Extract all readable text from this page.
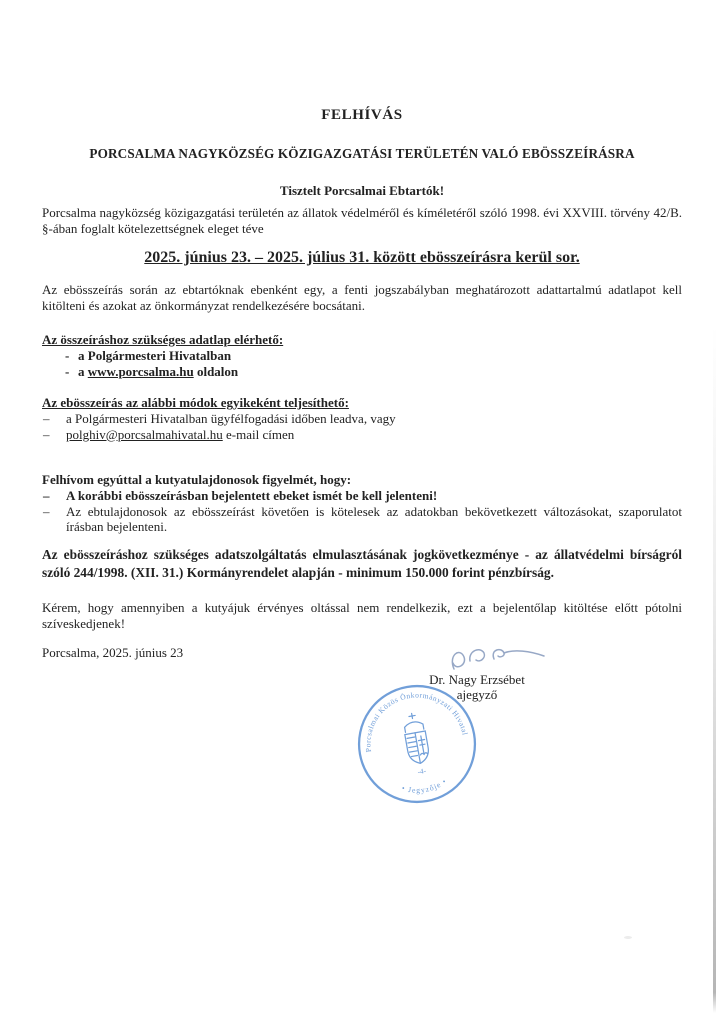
FELHÍVÁS
PORCSALMA NAGYKÖZSÉG KÖZIGAZGATÁSI TERÜLETÉN VALÓ EBÖSSZEÍRÁSRA
Tisztelt Porcsalmai Ebtartók!

Porcsalma nagyközség közigazgatási területén az állatok védelméről és kíméletéről szóló 1998. évi XXVIII. törvény 42/B. §-ában foglalt kötelezettségnek eleget téve

2025. június 23. – 2025. július 31. között ebösszeírásra kerül sor.

Az ebösszeírás során az ebtartóknak ebenként egy, a fenti jogszabályban meghatározott adattartalmú adatlapot kell kitölteni és azokat az önkormányzat rendelkezésére bocsátani.

Az összeíráshoz szükséges adatlap elérhető:
- a Polgármesteri Hivatalban
- a www.porcsalma.hu oldalon
Az ebösszeírás az alábbi módok egyikeként teljesíthető:
–	a Polgármesteri Hivatalban ügyfélfogadási időben leadva, vagy
–	polghiv@porcsalmahivatal.hu e-mail címen
Felhívom egyúttal a kutyatulajdonosok figyelmét, hogy:
–	A korábbi ebösszeírásban bejelentett ebeket ismét be kell jelenteni!
–	Az ebtulajdonosok az ebösszeírást követően is kötelesek az adatokban bekövetkezett változásokat, szaporulatot írásban bejelenteni.

Az ebösszeíráshoz szükséges adatszolgáltatás elmulasztásának jogkövetkezménye - az állatvédelmi bírságról szóló 244/1998. (XII. 31.) Kormányrendelet alapján - minimum 150.000 forint pénzbírság.

Kérem, hogy amennyiben a kutyájuk érvényes oltással nem rendelkezik, ezt a bejelentőlap kitöltése előtt pótolni szíveskedjenek!

Porcsalma, 2025. június 23
Dr. Nagy Erzsébet
ajegyző
Porcsalmai Közös Önkormányzati Hivatal
• Jegyzője •
-4-
